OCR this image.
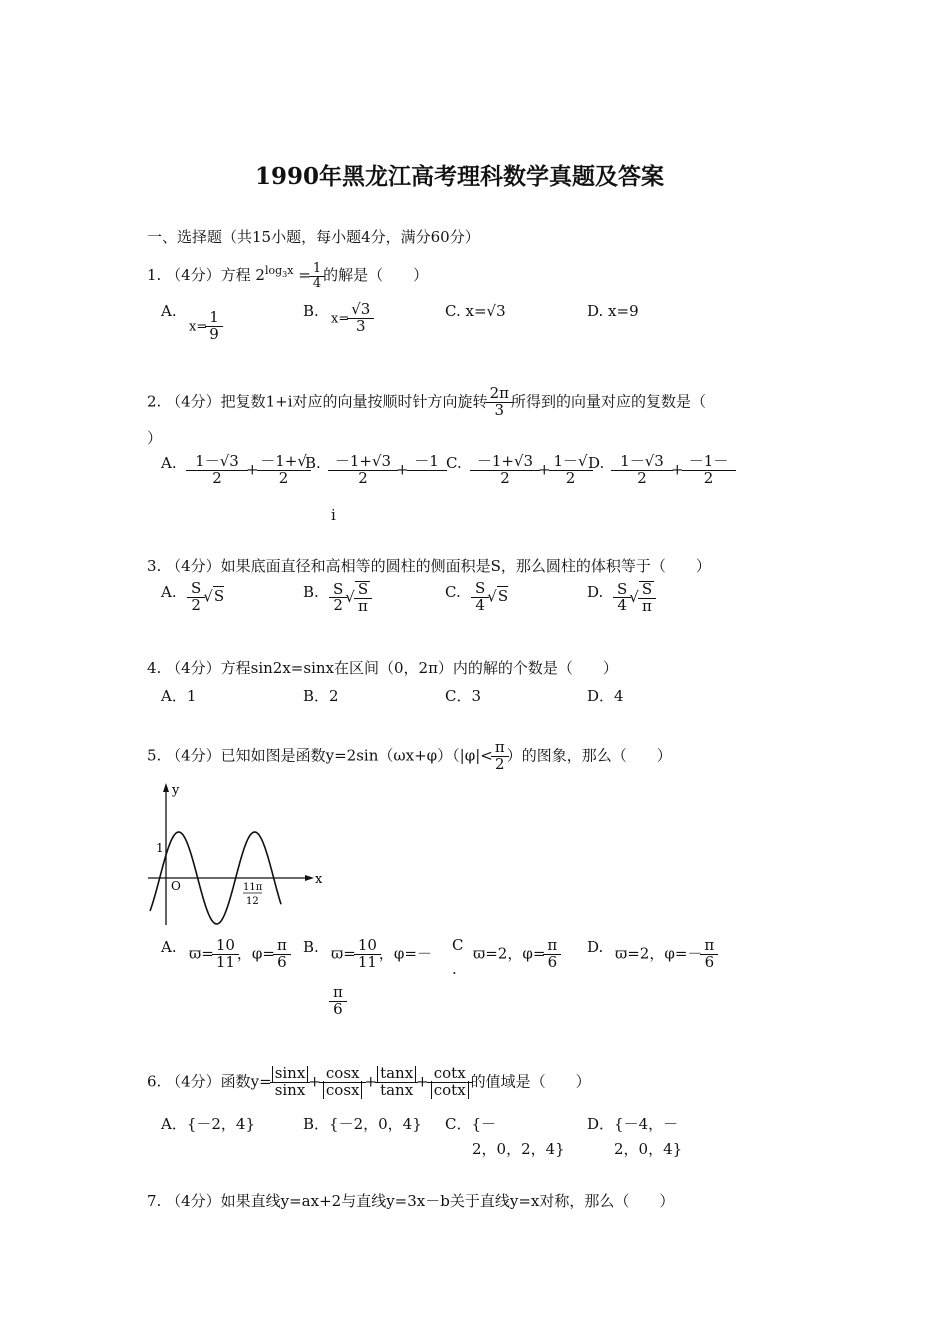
1990年黑龙江高考理科数学真题及答案
一、选择题（共15小题，每小题4分，满分60分）
1. （4分）方程 $2^{log_3x} = \frac{1}{4}$ 的解是（　　）
A.
$x= \frac{1}{9}$	B. $x= \frac{√3}{3}$	C. x=√3	D. x=9
2. （4分）把复数1+i对应的向量按顺时针方向旋转 $\frac{2\pi}{3}$ 所得到的向量对应的复数是（
）
A. $\frac{1-√3}{2} + \frac{-1+√}{2}$
B. $\frac{-1+√3}{2} + -1$

i
C. $\frac{-1+√3}{2} + \frac{1-√}{2}$
D. $\frac{1-√3}{2} + \frac{-1-}{2}$
3. （4分）如果底面直径和高相等的圆柱的侧面积是S，那么圆柱的体积等于（　　）
A. $\frac{S}{2} √S$	B. $\frac{S}{2}$ √ $\frac{S}{\pi}$	C. $\frac{S}{4} √S$	D. $\frac{S}{4}$ √ $\frac{S}{\pi}$
4. （4分）方程sin2x=sinx在区间（0，2π）内的解的个数是（　　）
A．1	B．2	C．3	D．4
5. （4分）已知如图是函数$y=2\sin(\omega x+\varphi)(|\varphi|< \frac{\pi}{2}$ ）的图象，那么（　　）
y
x
1
O	11π
12
A. $ϖ= \frac{10}{11}$ ，$\varphi= \frac{\pi}{6} B$. $ϖ= \frac{10}{11}$ ，φ=－
$\frac{\pi}{6}$
C
.
ϖ=2，$\varphi= \frac{\pi}{6} D$. ϖ=2，$\varphi=- \frac{\pi}{6}$
6. （4分）函数$y= \frac{\sin x}{\sin x} + \frac{\cos x}{\cos x} + \frac{\tan x}{\tan x} + \frac{\cot x}{\cot x}$ 的值域是（　　）
A．{－2，4}	B．{－2，0，4} C．{－
2，0，2，4}
D．{－4，－
2，0，4}
7. （4分）如果直线y=ax+2与直线y=3x－b关于直线y=x对称，那么（　　）
